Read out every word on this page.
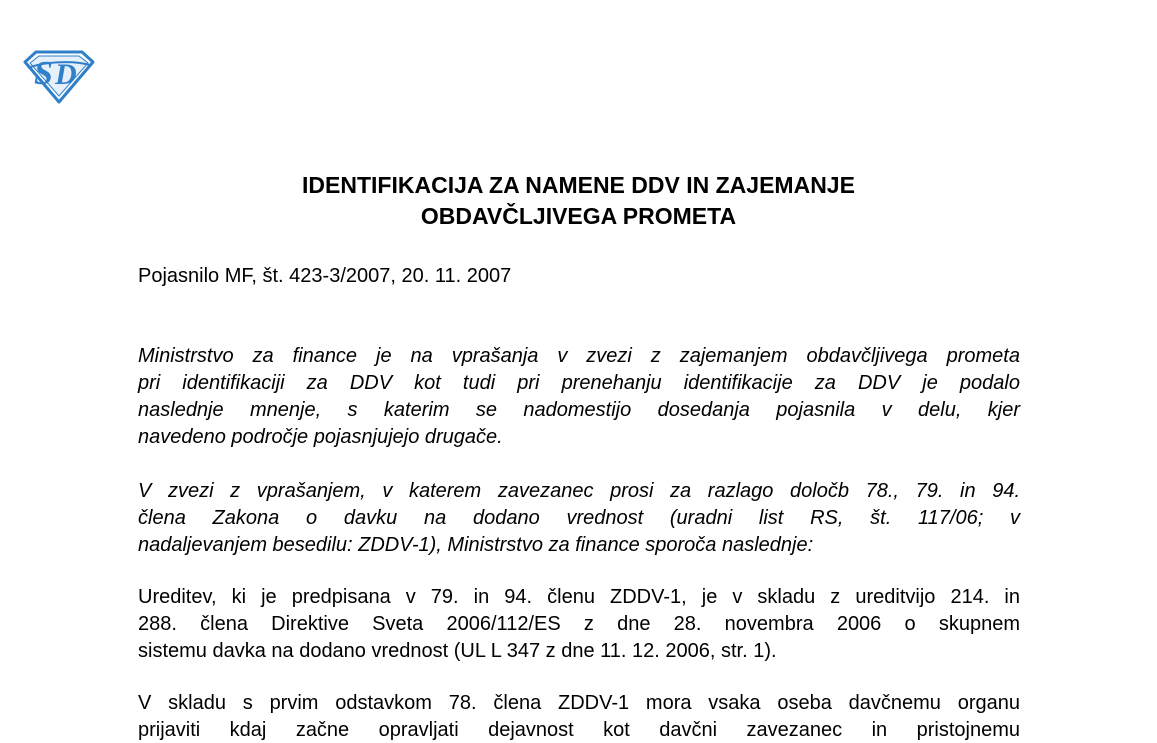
S D
IDENTIFIKACIJA ZA NAMENE DDV IN ZAJEMANJE
OBDAVČLJIVEGA PROMETA
Pojasnilo MF, št. 423-3/2007, 20. 11. 2007
Ministrstvo za finance je na vprašanja v zvezi z zajemanjem obdavčljivega prometa
pri identifikaciji za DDV kot tudi pri prenehanju identifikacije za DDV je podalo
naslednje mnenje, s katerim se nadomestijo dosedanja pojasnila v delu, kjer
navedeno področje pojasnjujejo drugače.
V zvezi z vprašanjem, v katerem zavezanec prosi za razlago določb 78., 79. in 94.
člena Zakona o davku na dodano vrednost (uradni list RS, št. 117/06; v
nadaljevanjem besedilu: ZDDV-1), Ministrstvo za finance sporoča naslednje:
Ureditev, ki je predpisana v 79. in 94. členu ZDDV-1, je v skladu z ureditvijo 214. in
288. člena Direktive Sveta 2006/112/ES z dne 28. novembra 2006 o skupnem
sistemu davka na dodano vrednost (UL L 347 z dne 11. 12. 2006, str. 1).
V skladu s prvim odstavkom 78. člena ZDDV-1 mora vsaka oseba davčnemu organu
prijaviti kdaj začne opravljati dejavnost kot davčni zavezanec in pristojnemu
